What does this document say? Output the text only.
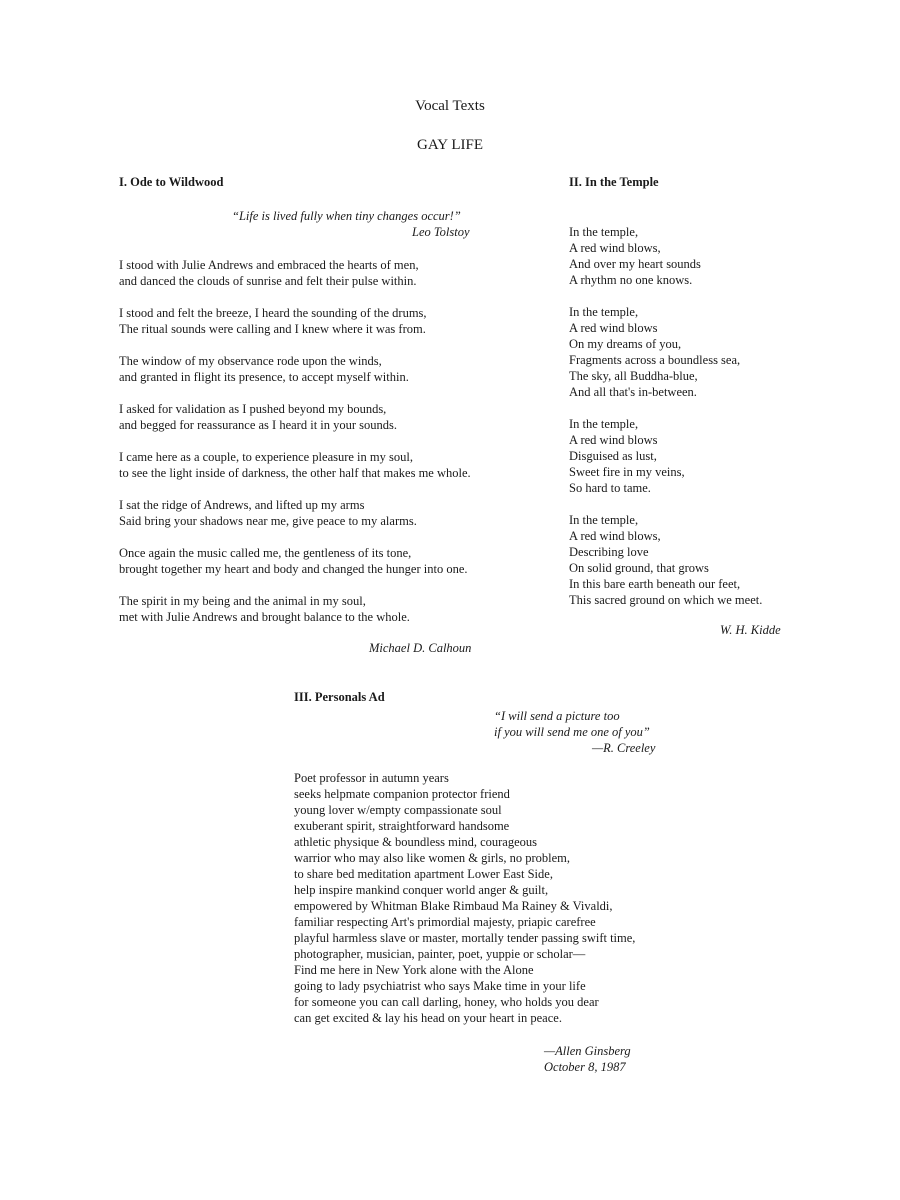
Vocal Texts
GAY LIFE
I. Ode to Wildwood
“Life is lived fully when tiny changes occur!”
Leo Tolstoy
I stood with Julie Andrews and embraced the hearts of men,
and danced the clouds of sunrise and felt their pulse within.
I stood and felt the breeze, I heard the sounding of the drums,
The ritual sounds were calling and I knew where it was from.
The window of my observance rode upon the winds,
and granted in flight its presence, to accept myself within.
I asked for validation as I pushed beyond my bounds,
and begged for reassurance as I heard it in your sounds.
I came here as a couple, to experience pleasure in my soul,
to see the light inside of darkness, the other half that makes me whole.
I sat the ridge of Andrews, and lifted up my arms
Said bring your shadows near me, give peace to my alarms.
Once again the music called me, the gentleness of its tone,
brought together my heart and body and changed the hunger into one.
The spirit in my being and the animal in my soul,
met with Julie Andrews and brought balance to the whole.
Michael D. Calhoun
II. In the Temple
In the temple,
A red wind blows,
And over my heart sounds
A rhythm no one knows.
In the temple,
A red wind blows
On my dreams of you,
Fragments across a boundless sea,
The sky, all Buddha-blue,
And all that's in-between.
In the temple,
A red wind blows
Disguised as lust,
Sweet fire in my veins,
So hard to tame.
In the temple,
A red wind blows,
Describing love
On solid ground, that grows
In this bare earth beneath our feet,
This sacred ground on which we meet.
W. H. Kidde
III. Personals Ad
“I will send a picture too
if you will send me one of you”
—R. Creeley
Poet professor in autumn years
seeks helpmate companion protector friend
young lover w/empty compassionate soul
exuberant spirit, straightforward handsome
athletic physique & boundless mind, courageous
warrior who may also like women & girls, no problem,
to share bed meditation apartment Lower East Side,
help inspire mankind conquer world anger & guilt,
empowered by Whitman Blake Rimbaud Ma Rainey & Vivaldi,
familiar respecting Art's primordial majesty, priapic carefree
playful harmless slave or master, mortally tender passing swift time,
photographer, musician, painter, poet, yuppie or scholar—
Find me here in New York alone with the Alone
going to lady psychiatrist who says Make time in your life
for someone you can call darling, honey, who holds you dear
can get excited & lay his head on your heart in peace.
—Allen Ginsberg
October 8, 1987
